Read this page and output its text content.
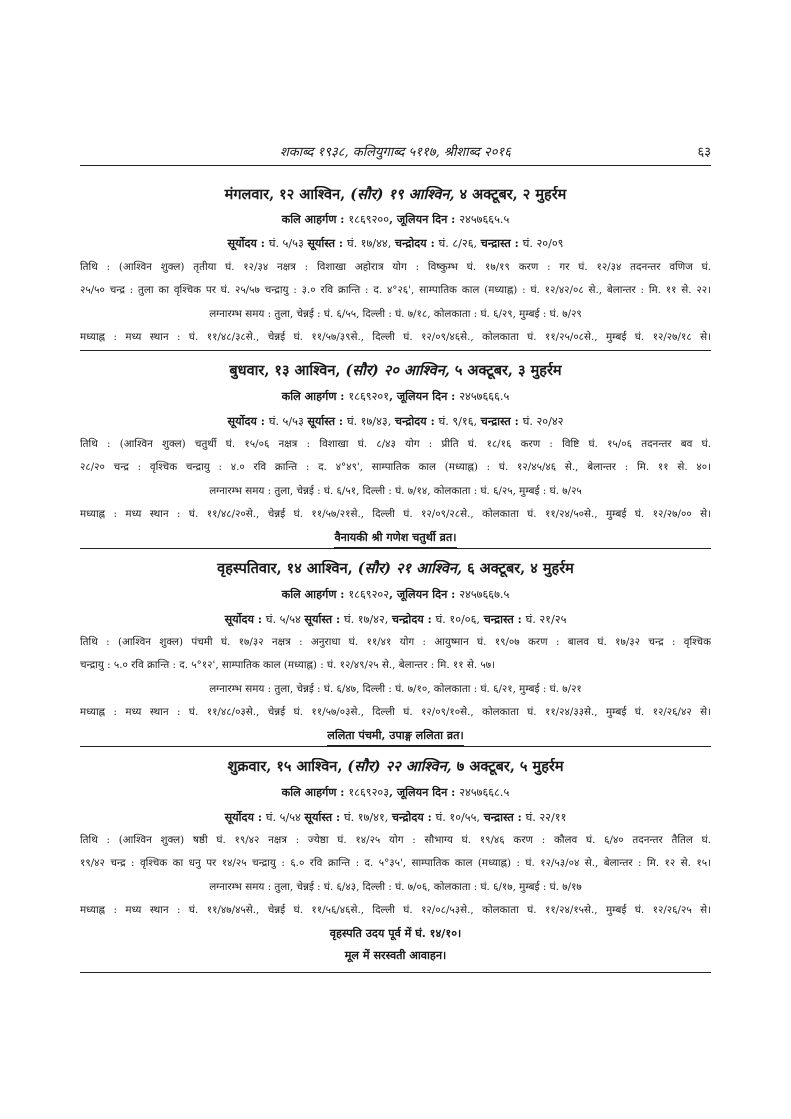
शकाब्द १९३८, कलियुगाब्द ५११७, श्रीशाब्द २०१६	६३
मंगलवार, १२ आश्विन, (सौर) १९ आश्विन, ४ अक्टूबर, २ मुहर्रम
कलि आहर्गण : १८६९२००, जूलियन दिन : २४५७६६५.५
सूर्योदय : घं. ५/५३ सूर्यास्त : घं. १७/४४, चन्द्रोदय : घं. ८/२६, चन्द्रास्त : घं. २०/०९
तिथि : (आश्विन शुक्ल) तृतीया घं. १२/३४ नक्षत्र : विशाखा अहोरात्र योग : विष्कुम्भ घं. १७/१९ करण : गर घं. १२/३४ तदनन्तर वणिज घं.
२५/५० चन्द्र : तुला का वृश्चिक पर घं. २५/५७ चन्द्रायु : ३.० रवि क्रान्ति : द. ४°२६', साम्पातिक काल (मध्याह्न) : घं. १२/४२/०८ से., बेलान्तर : मि. ११ से. २२।
लग्नारम्भ समय : तुला, चेन्नई : घं. ६/५५, दिल्ली : घं. ७/१८, कोलकाता : घं. ६/२९, मुम्बई : घं. ७/२९
मध्याह्न : मध्य स्थान : घं. ११/४८/३८से., चेन्नई घं. ११/५७/३९से., दिल्ली घं. १२/०९/४६से., कोलकाता घं. ११/२५/०८से., मुम्बई घं. १२/२७/१८ से।
बुधवार, १३ आश्विन, (सौर) २० आश्विन, ५ अक्टूबर, ३ मुहर्रम
कलि आहर्गण : १८६९२०१, जूलियन दिन : २४५७६६६.५
सूर्योदय : घं. ५/५३ सूर्यास्त : घं. १७/४३, चन्द्रोदय : घं. ९/१६, चन्द्रास्त : घं. २०/४२
तिथि : (आश्विन शुक्ल) चतुर्थी घं. १५/०६ नक्षत्र : विशाखा घं. ८/४३ योग : प्रीति घं. १८/१६ करण : विष्टि घं. १५/०६ तदनन्तर बव घं.
२८/२० चन्द्र : वृश्चिक चन्द्रायु : ४.० रवि क्रान्ति : द. ४°४९', साम्पातिक काल (मध्याह्न) : घं. १२/४५/४६ से., बेलान्तर : मि. ११ से. ४०।
लग्नारम्भ समय : तुला, चेन्नई : घं. ६/५१, दिल्ली : घं. ७/१४, कोलकाता : घं. ६/२५, मुम्बई : घं. ७/२५
मध्याह्न : मध्य स्थान : घं. ११/४८/२०से., चेन्नई घं. ११/५७/२१से., दिल्ली घं. १२/०९/२८से., कोलकाता घं. ११/२४/५०से., मुम्बई घं. १२/२७/०० से।
वैनायकी श्री गणेश चतुर्थी व्रत।
वृहस्पतिवार, १४ आश्विन, (सौर) २१ आश्विन, ६ अक्टूबर, ४ मुहर्रम
कलि आहर्गण : १८६९२०२, जूलियन दिन : २४५७६६७.५
सूर्योदय : घं. ५/५४ सूर्यास्त : घं. १७/४२, चन्द्रोदय : घं. १०/०६, चन्द्रास्त : घं. २१/२५
तिथि : (आश्विन शुक्ल) पंचमी घं. १७/३२ नक्षत्र : अनुराधा घं. ११/४१ योग : आयुष्मान घं. १९/०७ करण : बालव घं. १७/३२ चन्द्र : वृश्चिक
चन्द्रायु : ५.० रवि क्रान्ति : द. ५°१२', साम्पातिक काल (मध्याह्न) : घं. १२/४९/२५ से., बेलान्तर : मि. ११ से. ५७।
लग्नारम्भ समय : तुला, चेन्नई : घं. ६/४७, दिल्ली : घं. ७/१०, कोलकाता : घं. ६/२१, मुम्बई : घं. ७/२१
मध्याह्न : मध्य स्थान : घं. ११/४८/०३से., चेन्नई घं. ११/५७/०३से., दिल्ली घं. १२/०९/१०से., कोलकाता घं. ११/२४/३३से., मुम्बई घं. १२/२६/४२ से।
ललिता पंचमी, उपाङ्ग ललिता व्रत।
शुक्रवार, १५ आश्विन, (सौर) २२ आश्विन, ७ अक्टूबर, ५ मुहर्रम
कलि आहर्गण : १८६९२०३, जूलियन दिन : २४५७६६८.५
सूर्योदय : घं. ५/५४ सूर्यास्त : घं. १७/४१, चन्द्रोदय : घं. १०/५५, चन्द्रास्त : घं. २२/११
तिथि : (आश्विन शुक्ल) षष्ठी घं. १९/४२ नक्षत्र : ज्येष्ठा घं. १४/२५ योग : सौभाग्य घं. १९/४६ करण : कौलव घं. ६/४० तदनन्तर तैतिल घं.
१९/४२ चन्द्र : वृश्चिक का धनु पर १४/२५ चन्द्रायु : ६.० रवि क्रान्ति : द. ५°३५', साम्पातिक काल (मध्याह्न) : घं. १२/५३/०४ से., बेलान्तर : मि. १२ से. १५।
लग्नारम्भ समय : तुला, चेन्नई : घं. ६/४३, दिल्ली : घं. ७/०६, कोलकाता : घं. ६/१७, मुम्बई : घं. ७/१७
मध्याह्न : मध्य स्थान : घं. ११/४७/४५से., चेन्नई घं. ११/५६/४६से., दिल्ली घं. १२/०८/५३से., कोलकाता घं. ११/२४/१५से., मुम्बई घं. १२/२६/२५ से।
वृहस्पति उदय पूर्व में घं. १४/१०।
मूल में सरस्वती आवाहन।
